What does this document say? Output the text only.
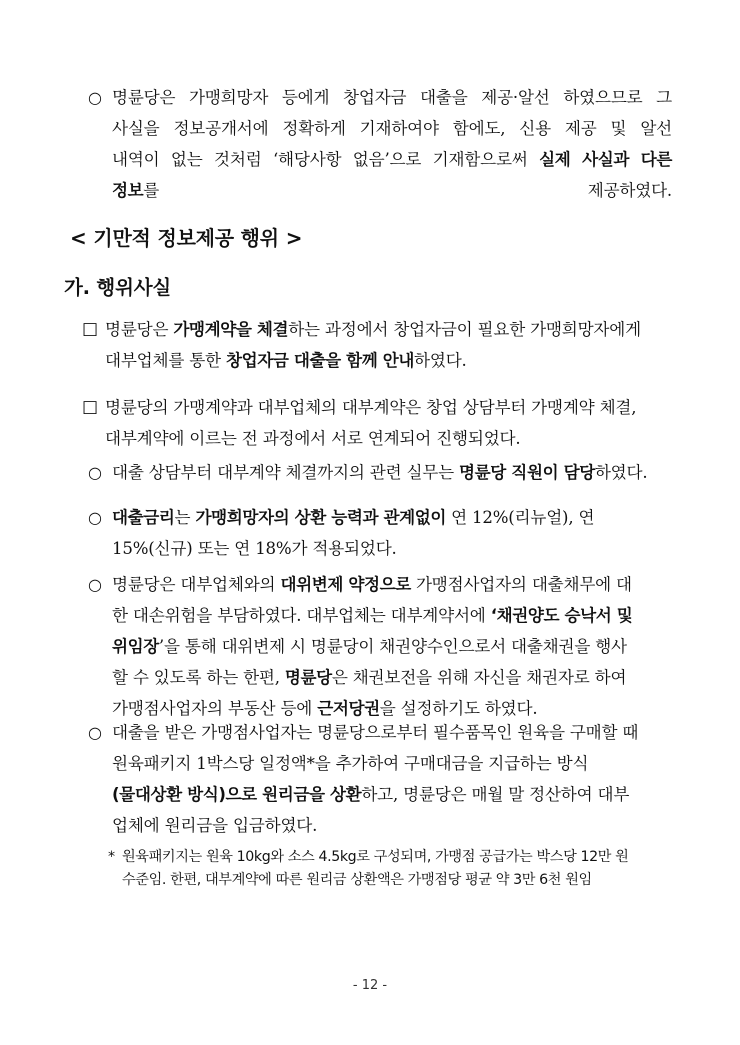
○ 명륜당은 가맹희망자 등에게 창업자금 대출을 제공·알선 하였으므로 그
사실을 정보공개서에 정확하게 기재하여야 함에도, 신용 제공 및 알선
내역이 없는 것처럼 ‘해당사항 없음’으로 기재함으로써 실제 사실과 다른
정보를 제공하였다.
< 기만적 정보제공 행위 >
가. 행위사실
□ 명륜당은 가맹계약을 체결하는 과정에서 창업자금이 필요한 가맹희망자에게
대부업체를 통한 창업자금 대출을 함께 안내하였다.
□ 명륜당의 가맹계약과 대부업체의 대부계약은 창업 상담부터 가맹계약 체결,
대부계약에 이르는 전 과정에서 서로 연계되어 진행되었다.
○ 대출 상담부터 대부계약 체결까지의 관련 실무는 명륜당 직원이 담당하였다.
○ 대출금리는 가맹희망자의 상환 능력과 관계없이 연 12%(리뉴얼), 연
15%(신규) 또는 연 18%가 적용되었다.
○ 명륜당은 대부업체와의 대위변제 약정으로 가맹점사업자의 대출채무에 대
한 대손위험을 부담하였다. 대부업체는 대부계약서에 ‘채권양도 승낙서 및
위임장’을 통해 대위변제 시 명륜당이 채권양수인으로서 대출채권을 행사
할 수 있도록 하는 한편, 명륜당은 채권보전을 위해 자신을 채권자로 하여
가맹점사업자의 부동산 등에 근저당권을 설정하기도 하였다.
○ 대출을 받은 가맹점사업자는 명륜당으로부터 필수품목인 원육을 구매할 때
원육패키지 1박스당 일정액*을 추가하여 구매대금을 지급하는 방식
(물대상환 방식)으로 원리금을 상환하고, 명륜당은 매월 말 정산하여 대부
업체에 원리금을 입금하였다.
* 원육패키지는 원육 10kg와 소스 4.5kg로 구성되며, 가맹점 공급가는 박스당 12만 원
수준임. 한편, 대부계약에 따른 원리금 상환액은 가맹점당 평균 약 3만 6천 원임
- 12 -
